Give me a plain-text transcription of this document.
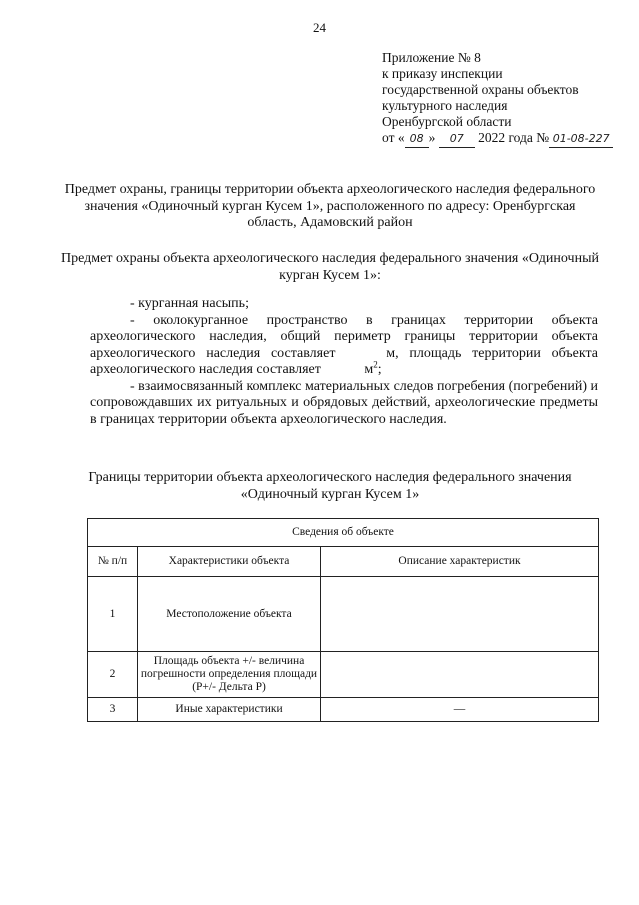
24
Приложение № 8
к приказу инспекции
государственной охраны объектов
культурного наследия
Оренбургской области
от « 08 » 07 2022 года № 01-08-227
Предмет охраны, границы территории объекта археологического наследия федерального значения «Одиночный курган Кусем 1», расположенного по адресу: Оренбургская область, Адамовский район
Предмет охраны объекта археологического наследия федерального значения «Одиночный курган Кусем 1»:
- курганная насыпь;
- околокурганное пространство в границах территории объекта археологического наследия, общий периметр границы территории объекта археологического наследия составляет	м, площадь территории объекта археологического наследия составляет	$м^2$;
- взаимосвязанный комплекс материальных следов погребения (погребений) и сопровождавших их ритуальных и обрядовых действий, археологические предметы в границах территории объекта археологического наследия.
Границы территории объекта археологического наследия федерального значения «Одиночный курган Кусем 1»
Сведения об объекте		
№ п/п	Характеристики объекта	Описание характеристик
1	Местоположение объекта	
2	Площадь объекта +/- величина погрешности определения площади (Р+/- Дельта Р)	
3	Иные характеристики	—
